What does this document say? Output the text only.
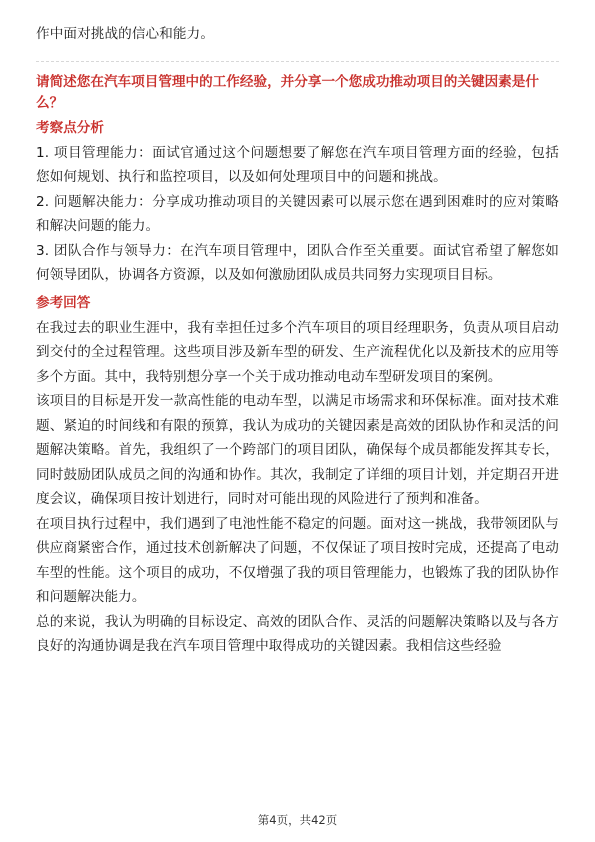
作中面对挑战的信心和能力。

请简述您在汽车项目管理中的工作经验，并分享一个您成功推动项目的关键因素是什么？

考察点分析

1. 项目管理能力：面试官通过这个问题想要了解您在汽车项目管理方面的经验，包括您如何规划、执行和监控项目，以及如何处理项目中的问题和挑战。

2. 问题解决能力：分享成功推动项目的关键因素可以展示您在遇到困难时的应对策略和解决问题的能力。

3. 团队合作与领导力：在汽车项目管理中，团队合作至关重要。面试官希望了解您如何领导团队，协调各方资源，以及如何激励团队成员共同努力实现项目目标。

参考回答

在我过去的职业生涯中，我有幸担任过多个汽车项目的项目经理职务，负责从项目启动到交付的全过程管理。这些项目涉及新车型的研发、生产流程优化以及新技术的应用等多个方面。其中，我特别想分享一个关于成功推动电动车型研发项目的案例。

该项目的目标是开发一款高性能的电动车型，以满足市场需求和环保标准。面对技术难题、紧迫的时间线和有限的预算，我认为成功的关键因素是高效的团队协作和灵活的问题解决策略。首先，我组织了一个跨部门的项目团队，确保每个成员都能发挥其专长，同时鼓励团队成员之间的沟通和协作。其次，我制定了详细的项目计划，并定期召开进度会议，确保项目按计划进行，同时对可能出现的风险进行了预判和准备。

在项目执行过程中，我们遇到了电池性能不稳定的问题。面对这一挑战，我带领团队与供应商紧密合作，通过技术创新解决了问题，不仅保证了项目按时完成，还提高了电动车型的性能。这个项目的成功，不仅增强了我的项目管理能力，也锻炼了我的团队协作和问题解决能力。

总的来说，我认为明确的目标设定、高效的团队合作、灵活的问题解决策略以及与各方良好的沟通协调是我在汽车项目管理中取得成功的关键因素。我相信这些经验

第4页，共42页
